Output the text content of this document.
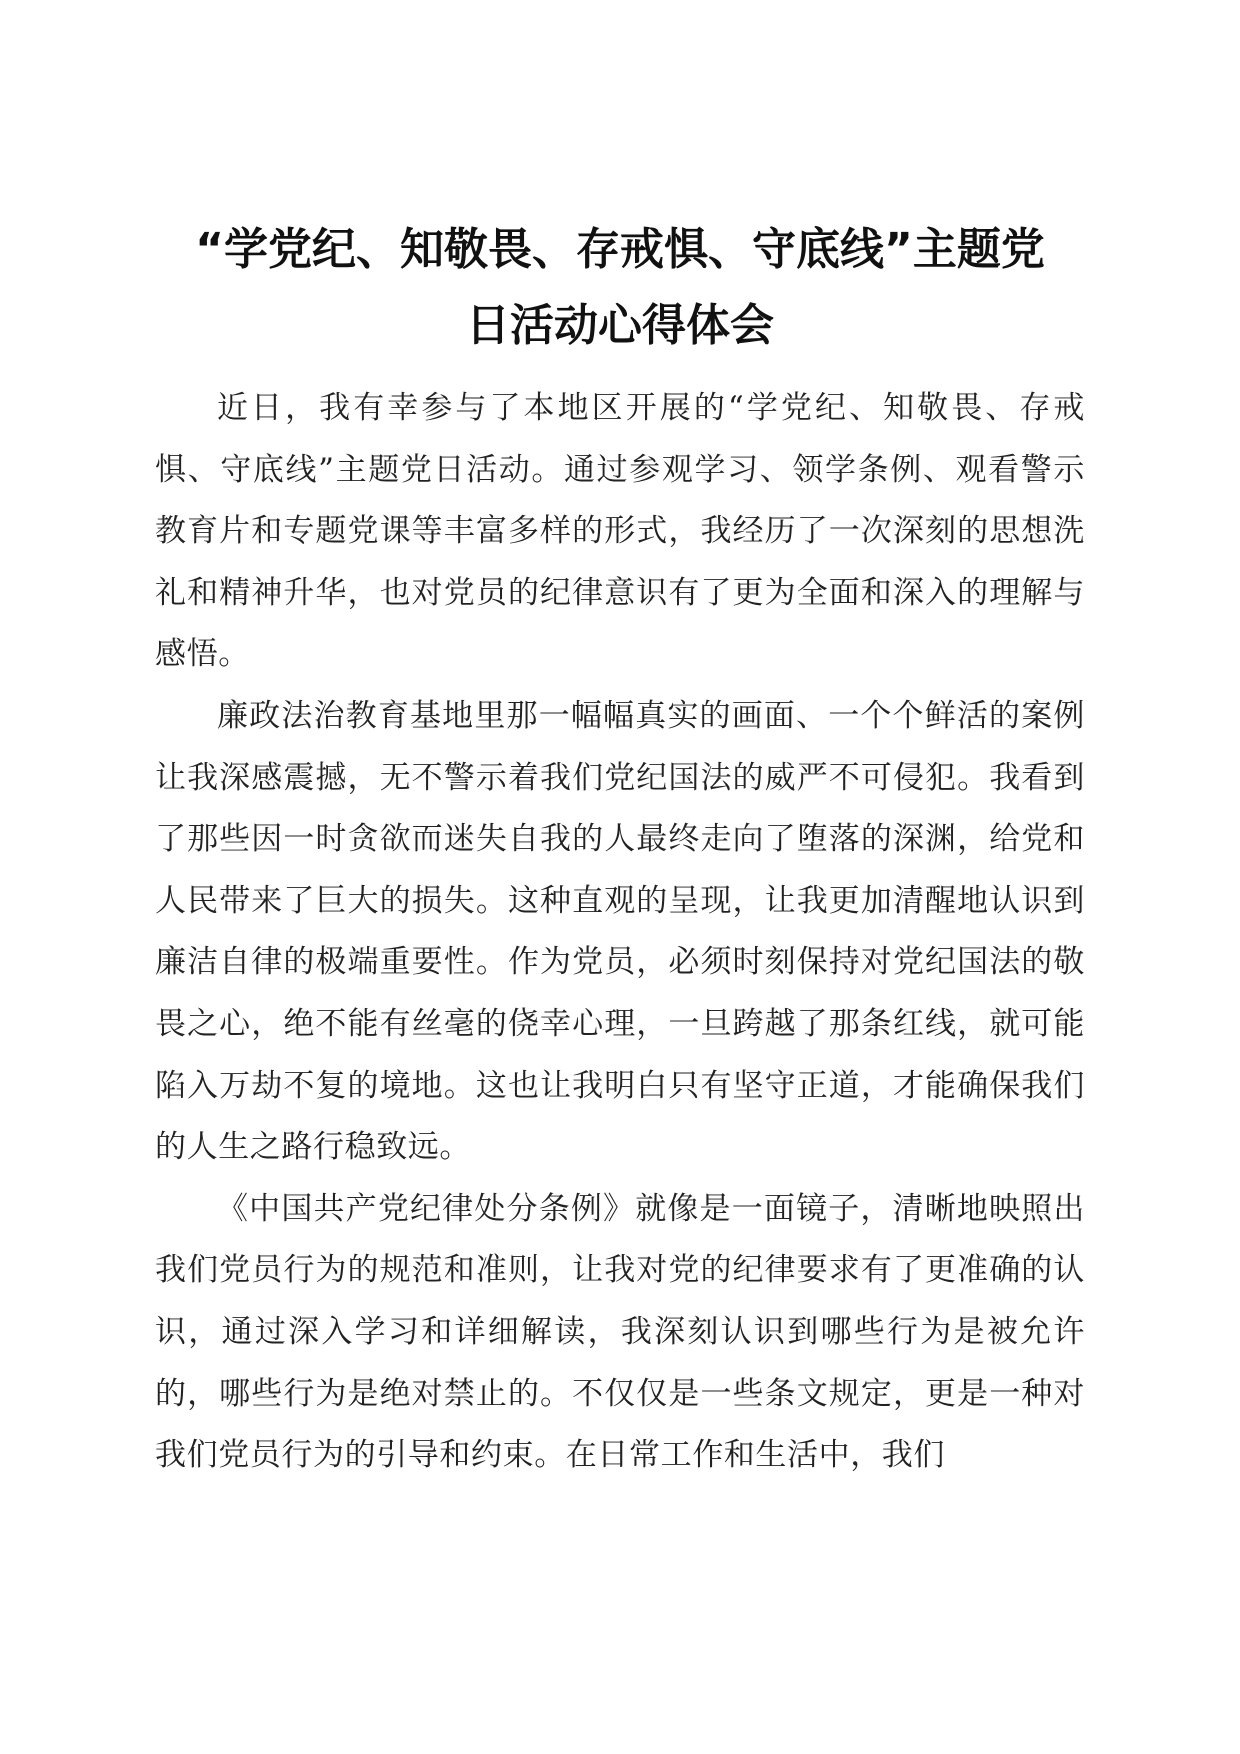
“学党纪、知敬畏、存戒惧、守底线”主题党
日活动心得体会

近日，我有幸参与了本地区开展的“学党纪、知敬畏、存戒惧、守底线”主题党日活动。通过参观学习、领学条例、观看警示教育片和专题党课等丰富多样的形式，我经历了一次深刻的思想洗礼和精神升华，也对党员的纪律意识有了更为全面和深入的理解与感悟。

廉政法治教育基地里那一幅幅真实的画面、一个个鲜活的案例让我深感震撼，无不警示着我们党纪国法的威严不可侵犯。我看到了那些因一时贪欲而迷失自我的人最终走向了堕落的深渊，给党和人民带来了巨大的损失。这种直观的呈现，让我更加清醒地认识到廉洁自律的极端重要性。作为党员，必须时刻保持对党纪国法的敬畏之心，绝不能有丝毫的侥幸心理，一旦跨越了那条红线，就可能陷入万劫不复的境地。这也让我明白只有坚守正道，才能确保我们的人生之路行稳致远。

《中国共产党纪律处分条例》就像是一面镜子，清晰地映照出我们党员行为的规范和准则，让我对党的纪律要求有了更准确的认识，通过深入学习和详细解读，我深刻认识到哪些行为是被允许的，哪些行为是绝对禁止的。不仅仅是一些条文规定，更是一种对我们党员行为的引导和约束。在日常工作和生活中，我们
